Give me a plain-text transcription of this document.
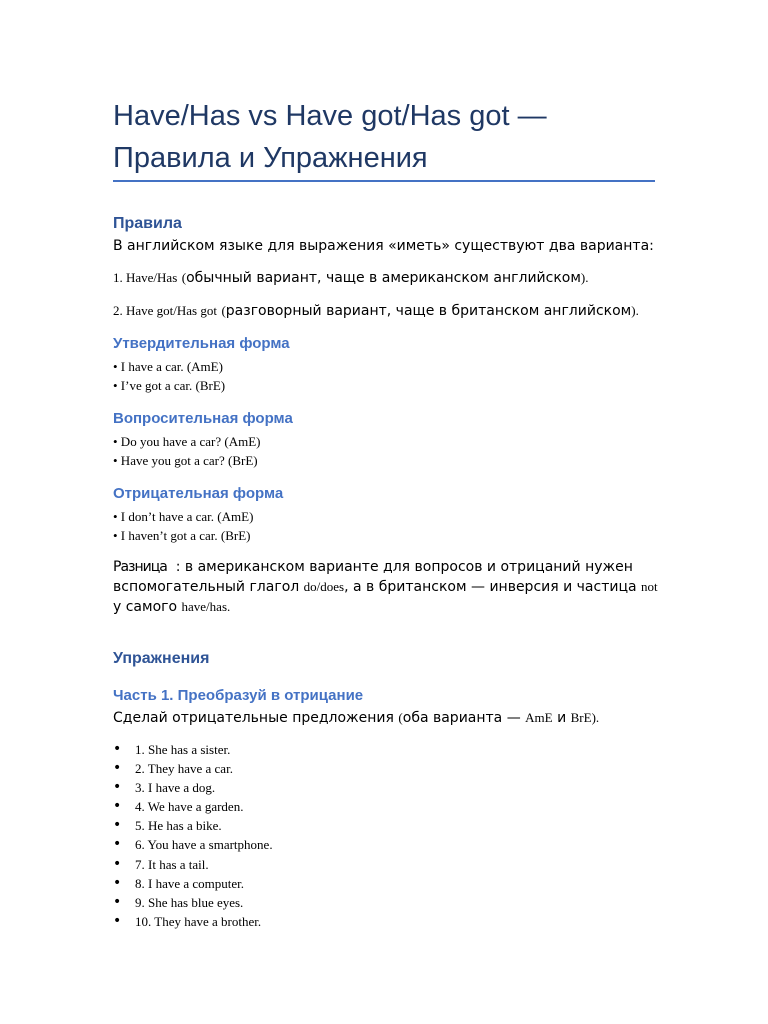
Have/Has vs Have got/Has got — Правила и Упражнения
Правила

В английском языке для выражения «иметь» существуют два варианта:

1. Have/Has (обычный вариант, чаще в американском английском).

2. Have got/Has got (разговорный вариант, чаще в британском английском).

Утвердительная форма

• I have a car. (AmE)

• I’ve got a car. (BrE)

Вопросительная форма

• Do you have a car? (AmE)

• Have you got a car? (BrE)

Отрицательная форма

• I don’t have a car. (AmE)

• I haven’t got a car. (BrE)

Разница : в американском варианте для вопросов и отрицаний нужен вспомогательный глагол do/does, а в британском — инверсия и частица not
у самого have/has.

Упражнения
Часть 1. Преобразуй в отрицание

Сделай отрицательные предложения (оба варианта — AmE и BrE).

• 1. She has a sister.
• 2. They have a car.
• 3. I have a dog.
• 4. We have a garden.
• 5. He has a bike.
• 6. You have a smartphone.
• 7. It has a tail.
• 8. I have a computer.
• 9. She has blue eyes.
• 10. They have a brother.
